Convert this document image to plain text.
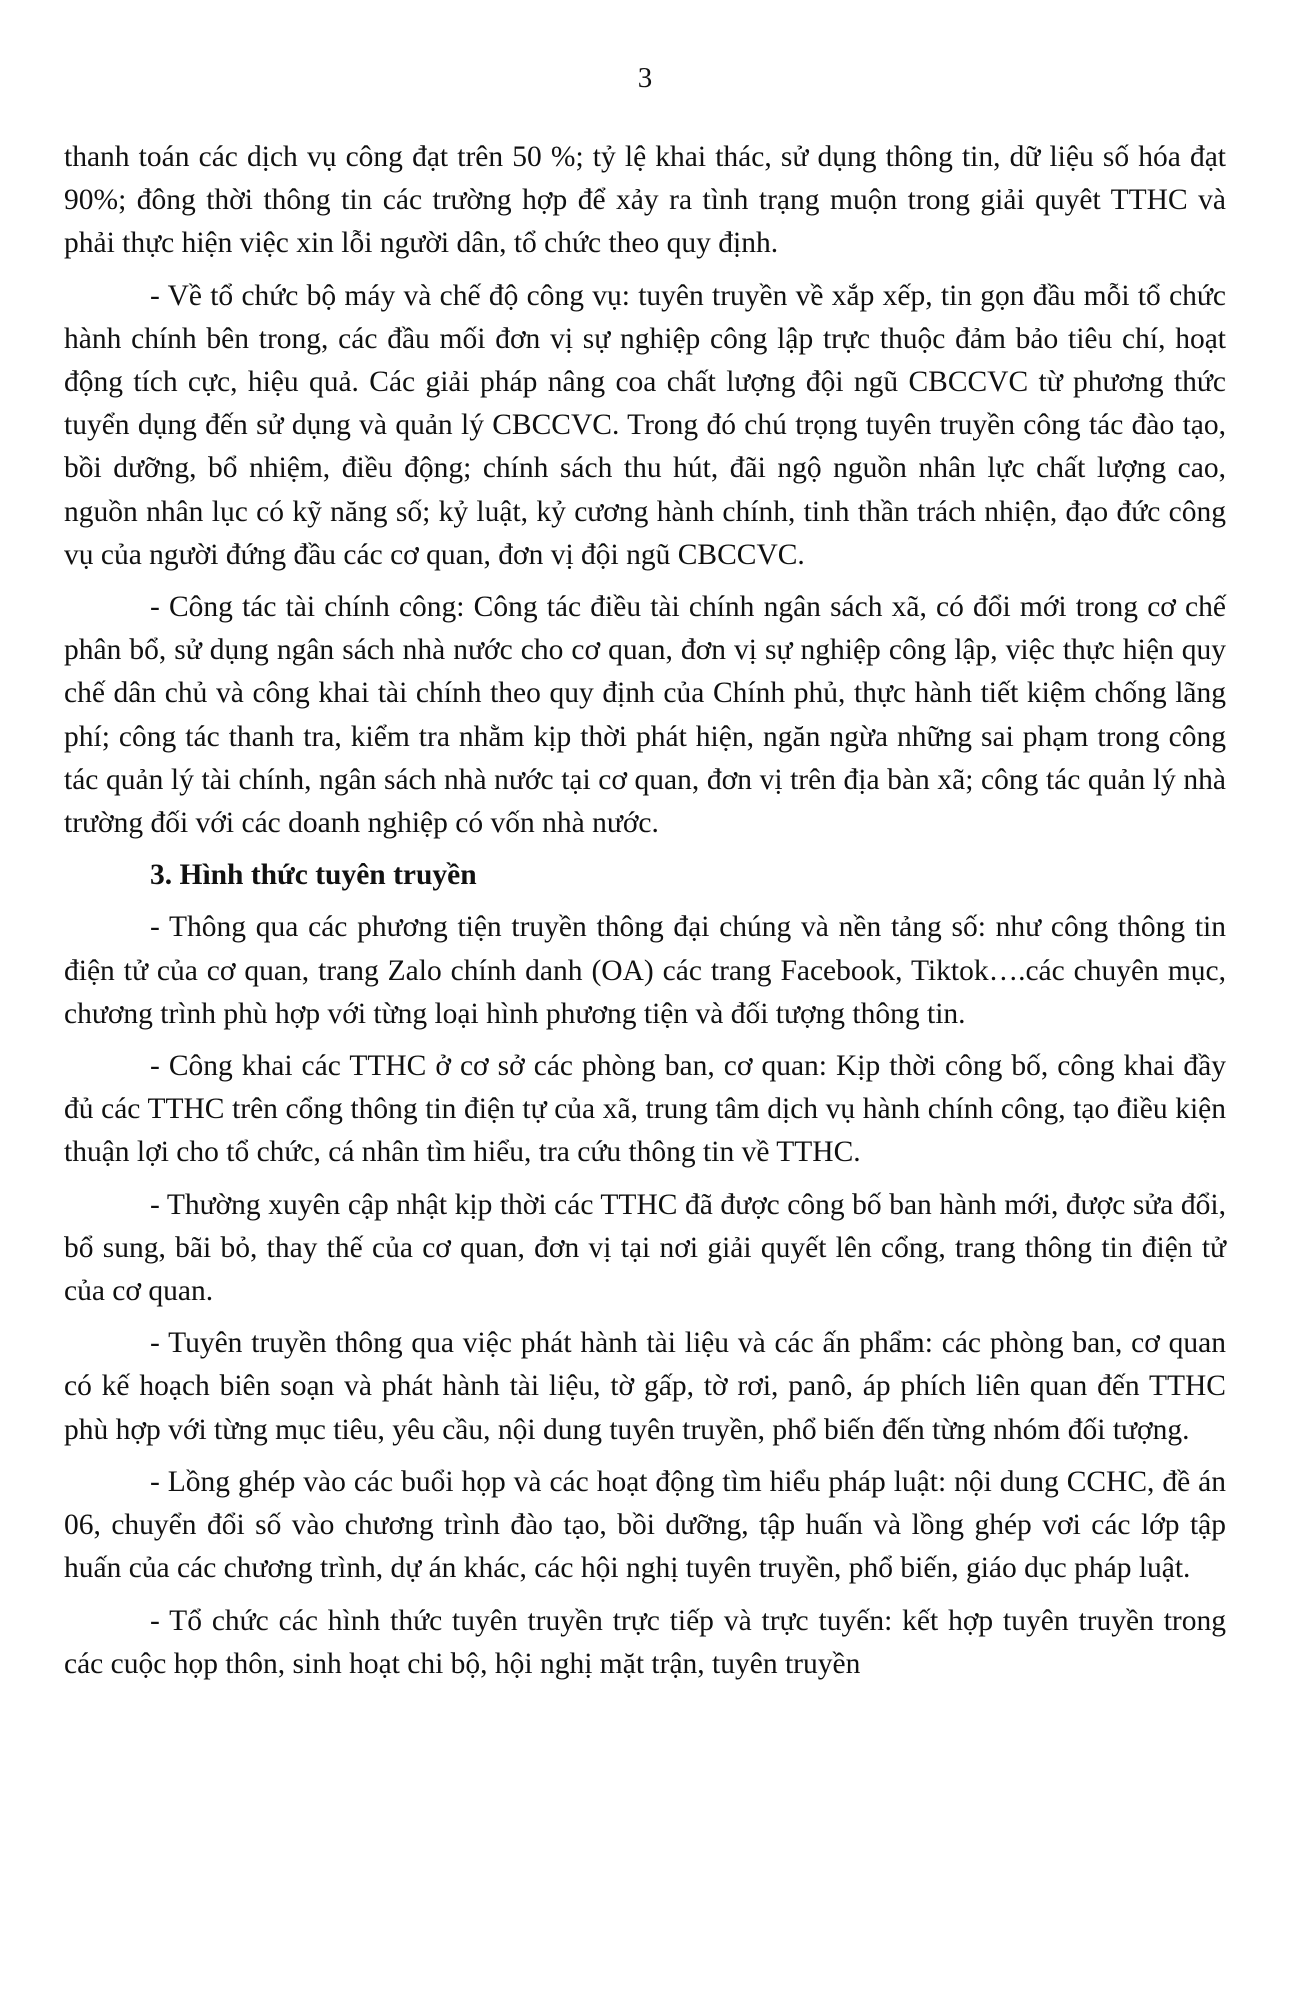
3

thanh toán các dịch vụ công đạt trên 50 %; tỷ lệ khai thác, sử dụng thông tin, dữ liệu số hóa đạt 90%; đông thời thông tin các trường hợp để xảy ra tình trạng muộn trong giải quyêt TTHC và phải thực hiện việc xin lỗi người dân, tổ chức theo quy định.

- Về tổ chức bộ máy và chế độ công vụ: tuyên truyền về xắp xếp, tin gọn đầu mỗi tổ chức hành chính bên trong, các đầu mối đơn vị sự nghiệp công lập trực thuộc đảm bảo tiêu chí, hoạt động tích cực, hiệu quả. Các giải pháp nâng coa chất lượng đội ngũ CBCCVC từ phương thức tuyển dụng đến sử dụng và quản lý CBCCVC. Trong đó chú trọng tuyên truyền công tác đào tạo, bồi dưỡng, bổ nhiệm, điều động; chính sách thu hút, đãi ngộ nguồn nhân lực chất lượng cao, nguồn nhân lục có kỹ năng số; kỷ luật, kỷ cương hành chính, tinh thần trách nhiện, đạo đức công vụ của người đứng đầu các cơ quan, đơn vị đội ngũ CBCCVC.

- Công tác tài chính công: Công tác điều tài chính ngân sách xã, có đổi mới trong cơ chế phân bổ, sử dụng ngân sách nhà nước cho cơ quan, đơn vị sự nghiệp công lập, việc thực hiện quy chế dân chủ và công khai tài chính theo quy định của Chính phủ, thực hành tiết kiệm chống lãng phí; công tác thanh tra, kiểm tra nhằm kịp thời phát hiện, ngăn ngừa những sai phạm trong công tác quản lý tài chính, ngân sách nhà nước tại cơ quan, đơn vị trên địa bàn xã; công tác quản lý nhà trường đối với các doanh nghiệp có vốn nhà nước.

3. Hình thức tuyên truyền

- Thông qua các phương tiện truyền thông đại chúng và nền tảng số: như công thông tin điện tử của cơ quan, trang Zalo chính danh (OA) các trang Facebook, Tiktok….các chuyên mục, chương trình phù hợp với từng loại hình phương tiện và đối tượng thông tin.

- Công khai các TTHC ở cơ sở các phòng ban, cơ quan: Kịp thời công bố, công khai đầy đủ các TTHC trên cổng thông tin điện tự của xã, trung tâm dịch vụ hành chính công, tạo điều kiện thuận lợi cho tổ chức, cá nhân tìm hiểu, tra cứu thông tin về TTHC.

- Thường xuyên cập nhật kịp thời các TTHC đã được công bố ban hành mới, được sửa đổi, bổ sung, bãi bỏ, thay thế của cơ quan, đơn vị tại nơi giải quyết lên cổng, trang thông tin điện tử của cơ quan.

- Tuyên truyền thông qua việc phát hành tài liệu và các ấn phẩm: các phòng ban, cơ quan có kế hoạch biên soạn và phát hành tài liệu, tờ gấp, tờ rơi, panô, áp phích liên quan đến TTHC phù hợp với từng mục tiêu, yêu cầu, nội dung tuyên truyền, phổ biến đến từng nhóm đối tượng.

- Lồng ghép vào các buổi họp và các hoạt động tìm hiểu pháp luật: nội dung CCHC, đề án 06, chuyển đổi số vào chương trình đào tạo, bồi dưỡng, tập huấn và lồng ghép vơi các lớp tập huấn của các chương trình, dự án khác, các hội nghị tuyên truyền, phổ biến, giáo dục pháp luật.

- Tổ chức các hình thức tuyên truyền trực tiếp và trực tuyến: kết hợp tuyên truyền trong các cuộc họp thôn, sinh hoạt chi bộ, hội nghị mặt trận, tuyên truyền
